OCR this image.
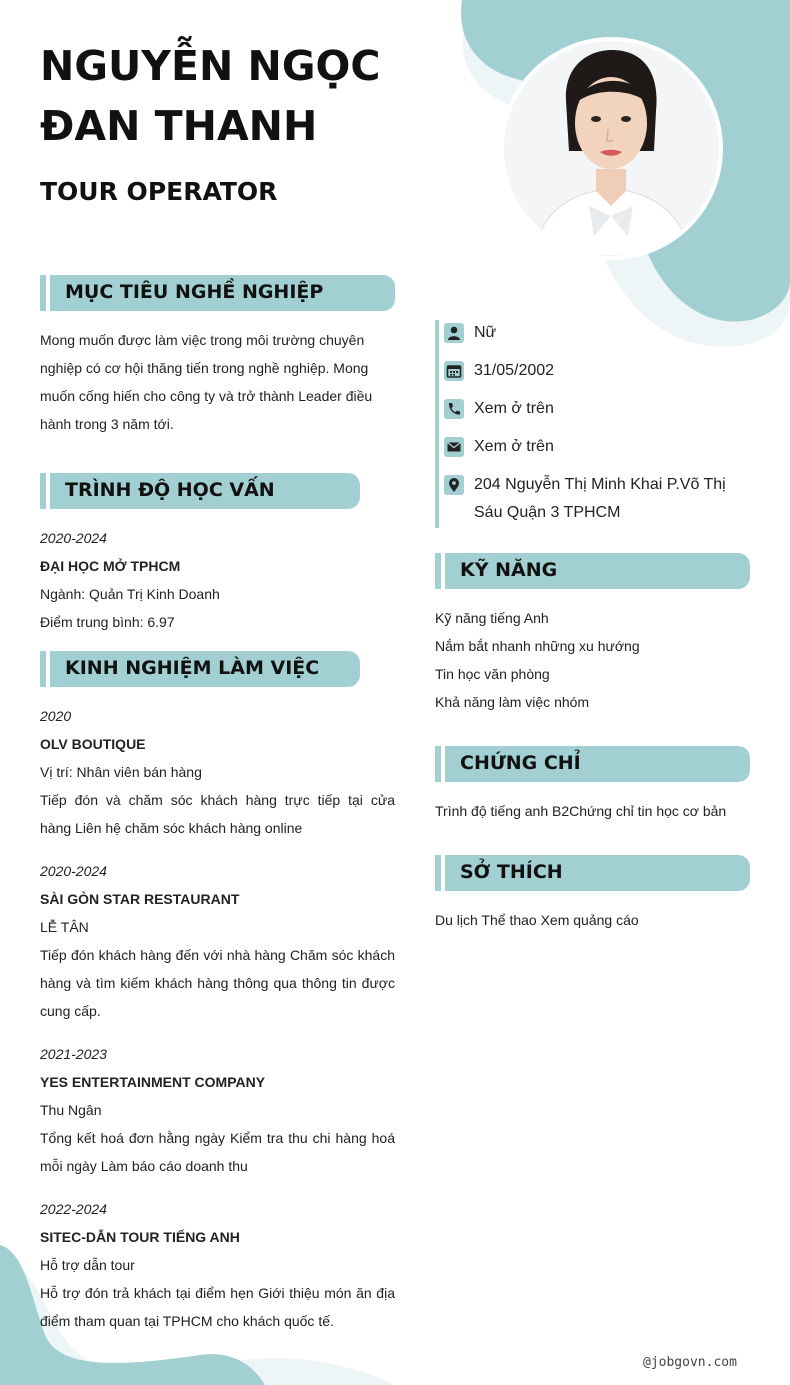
NGUYỄN NGỌC
ĐAN THANH
TOUR OPERATOR
MỤC TIÊU NGHỀ NGHIỆP
Mong muốn được làm việc trong môi trường chuyên
nghiệp có cơ hội thăng tiến trong nghề nghiệp. Mong
muốn cống hiến cho công ty và trở thành Leader điều
hành trong 3 năm tới.
TRÌNH ĐỘ HỌC VẤN
2020-2024
ĐẠI HỌC MỞ TPHCM
Ngành: Quản Trị Kinh Doanh
Điểm trung bình: 6.97
KINH NGHIỆM LÀM VIỆC
2020
OLV BOUTIQUE
Vị trí: Nhân viên bán hàng
Tiếp đón và chăm sóc khách hàng trực tiếp tại cửa
hàng Liên hệ chăm sóc khách hàng online
2020-2024
SÀI GÒN STAR RESTAURANT
LỄ TÂN
Tiếp đón khách hàng đến với nhà hàng Chăm sóc khách
hàng và tìm kiếm khách hàng thông qua thông tin được
cung cấp.
2021-2023
YES ENTERTAINMENT COMPANY
Thu Ngân
Tổng kết hoá đơn hằng ngày Kiểm tra thu chi hàng hoá
mỗi ngày Làm báo cáo doanh thu
2022-2024
SITEC-DẪN TOUR TIẾNG ANH
Hỗ trợ dẫn tour
Hỗ trợ đón trả khách tại điểm hẹn Giới thiệu món ăn địa
điểm tham quan tại TPHCM cho khách quốc tế.
Nữ
31/05/2002
Xem ở trên
Xem ở trên
204 Nguyễn Thị Minh Khai P.Võ Thị
Sáu Quận 3 TPHCM
KỸ NĂNG
Kỹ năng tiếng Anh
Nắm bắt nhanh những xu hướng
Tin học văn phòng
Khả năng làm việc nhóm
CHỨNG CHỈ
Trình độ tiếng anh B2Chứng chỉ tin học cơ bản
SỞ THÍCH
Du lịch Thể thao Xem quảng cáo
@jobgovn.com
